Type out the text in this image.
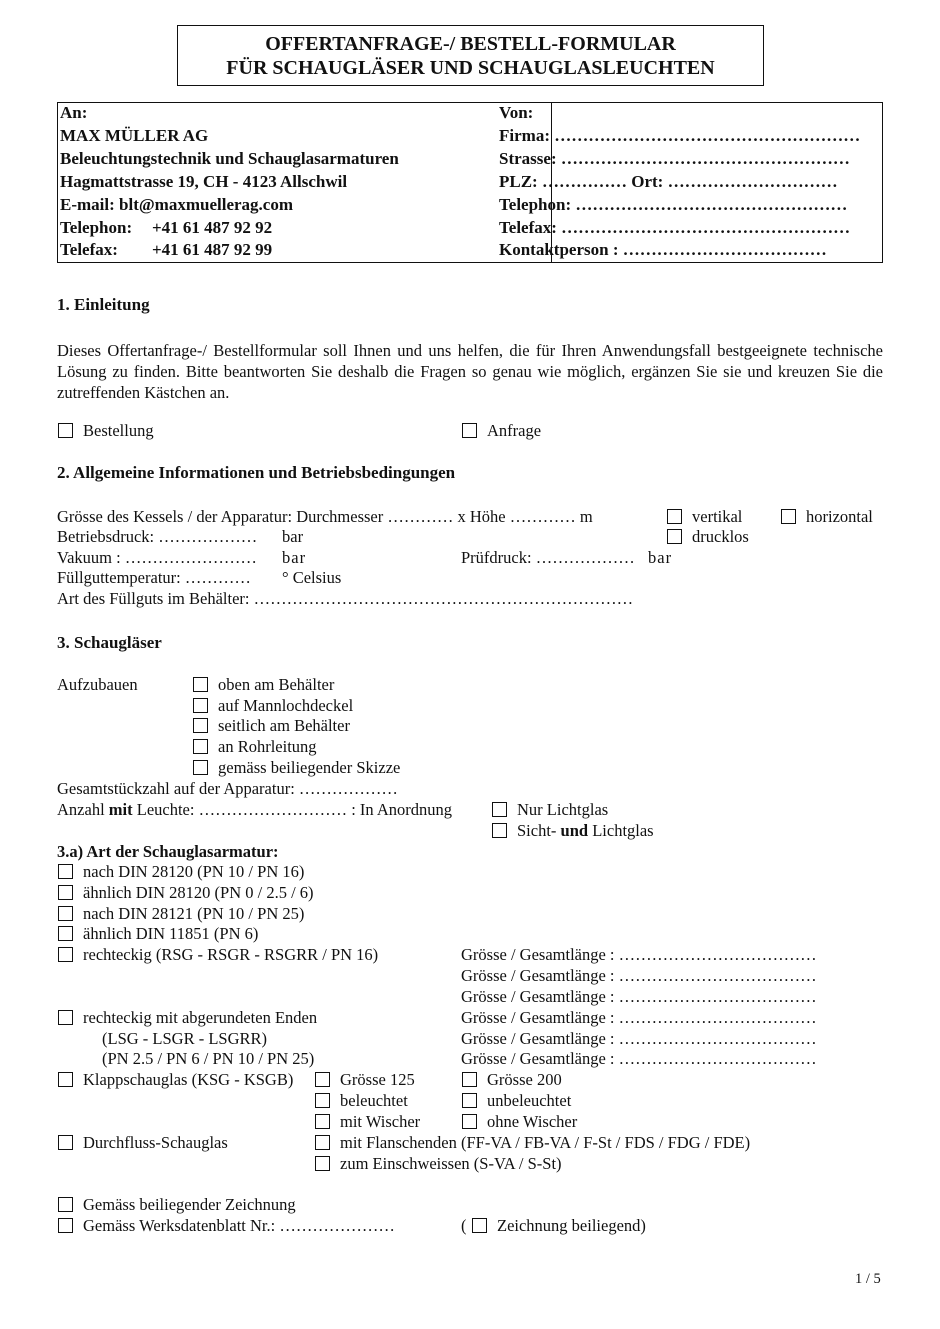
OFFERTANFRAGE-/ BESTELL-FORMULAR
FÜR SCHAUGLÄSER UND SCHAUGLASLEUCHTEN
An:
MAX MÜLLER AG
Beleuchtungstechnik und Schauglasarmaturen
Hagmattstrasse 19, CH - 4123 Allschwil
E-mail: blt@maxmuellerag.com
Telephon: +41 61 487 92 92
Telefax: +41 61 487 92 99
Von:
Firma: ………………………………………………
Strasse: ……………………………………………
PLZ: …………… Ort: …………………………
Telephon: …………………………………………
Telefax: ……………………………………………
Kontaktperson : ………………………………
1. Einleitung
Dieses Offertanfrage-/ Bestellformular soll Ihnen und uns helfen, die für Ihren Anwendungsfall bestgeeignete technische Lösung zu finden. Bitte beantworten Sie deshalb die Fragen so genau wie möglich, ergänzen Sie sie und kreuzen Sie die zutreffenden Kästchen an.
Bestellung	Anfrage
2. Allgemeine Informationen und Betriebsbedingungen
Grösse des Kessels / der Apparatur: Durchmesser ………… x Höhe ………… m	vertikal	horizontal
Betriebsdruck: ……………… bar	drucklos
Vakuum : …………………… bar	Prüfdruck: ……………… bar
Füllguttemperatur: ………… ° Celsius
Art des Füllguts im Behälter: ……………………………………………………………
3. Schaugläser
Aufzubauen	oben am Behälter
auf Mannlochdeckel
seitlich am Behälter
an Rohrleitung
gemäss beiliegender Skizze
Gesamtstückzahl auf der Apparatur: ………………
Anzahl mit Leuchte: ……………………… : In Anordnung	Nur Lichtglas
Sicht- und Lichtglas
3.a) Art der Schauglasarmatur:
nach DIN 28120 (PN 10 / PN 16)
ähnlich DIN 28120 (PN 0 / 2.5 / 6)
nach DIN 28121 (PN 10 / PN 25)
ähnlich DIN 11851 (PN 6)
rechteckig (RSG - RSGR - RSGRR / PN 16)	Grösse / Gesamtlänge : ………………………………
Grösse / Gesamtlänge : ………………………………
Grösse / Gesamtlänge : ………………………………
rechteckig mit abgerundeten Enden	Grösse / Gesamtlänge : ………………………………
(LSG - LSGR - LSGRR)	Grösse / Gesamtlänge : ………………………………
(PN 2.5 / PN 6 / PN 10 / PN 25)	Grösse / Gesamtlänge : ………………………………
Klappschauglas (KSG - KSGB)	Grösse 125	Grösse 200
beleuchtet	unbeleuchtet
mit Wischer	ohne Wischer
Durchfluss-Schauglas	mit Flanschenden (FF-VA / FB-VA / F-St / FDS / FDG / FDE)
zum Einschweissen (S-VA / S-St)
Gemäss beiliegender Zeichnung
Gemäss Werksdatenblatt Nr.: …………………	( Zeichnung beiliegend)
1 / 5
